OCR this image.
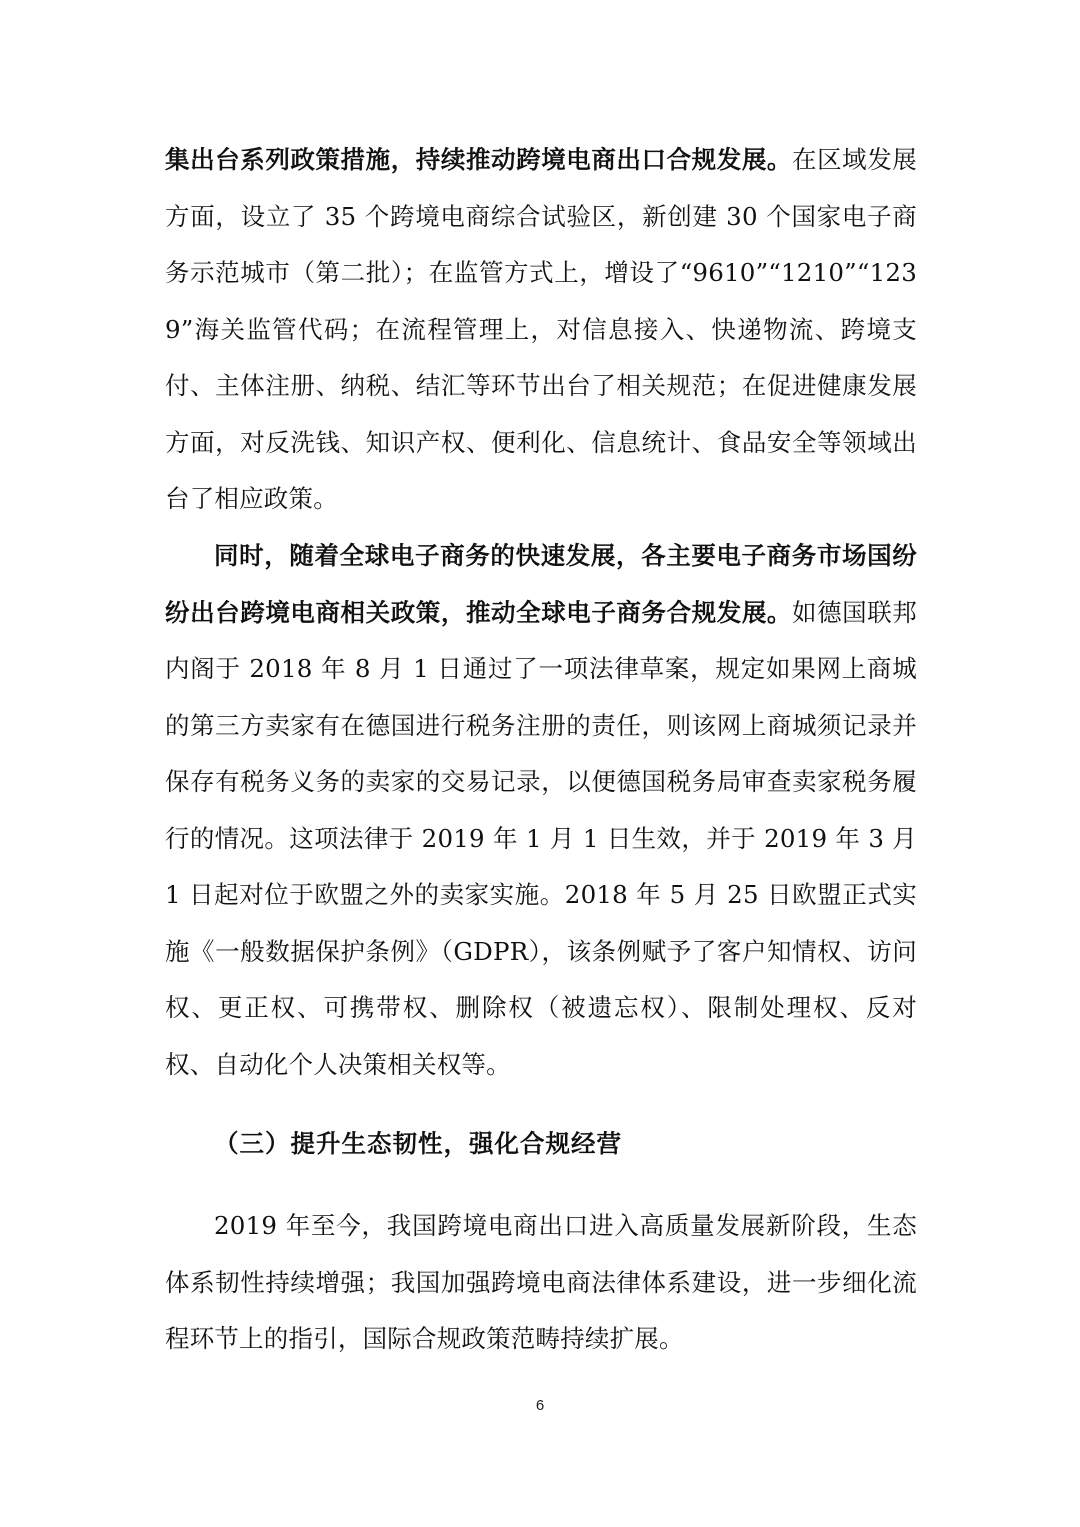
集出台系列政策措施，持续推动跨境电商出口合规发展。在区域发展方面，设立了 35 个跨境电商综合试验区，新创建 30 个国家电子商务示范城市（第二批）；在监管方式上，增设了“9610”“1210”“1239”海关监管代码；在流程管理上，对信息接入、快递物流、跨境支付、主体注册、纳税、结汇等环节出台了相关规范；在促进健康发展方面，对反洗钱、知识产权、便利化、信息统计、食品安全等领域出台了相应政策。

同时，随着全球电子商务的快速发展，各主要电子商务市场国纷纷出台跨境电商相关政策，推动全球电子商务合规发展。如德国联邦内阁于 2018 年 8 月 1 日通过了一项法律草案，规定如果网上商城的第三方卖家有在德国进行税务注册的责任，则该网上商城须记录并保存有税务义务的卖家的交易记录，以便德国税务局审查卖家税务履行的情况。这项法律于 2019 年 1 月 1 日生效，并于 2019 年 3 月 1 日起对位于欧盟之外的卖家实施。2018 年 5 月 25 日欧盟正式实施《一般数据保护条例》（GDPR），该条例赋予了客户知情权、访问权、更正权、可携带权、删除权（被遗忘权）、限制处理权、反对权、自动化个人决策相关权等。

（三）提升生态韧性，强化合规经营

2019 年至今，我国跨境电商出口进入高质量发展新阶段，生态体系韧性持续增强；我国加强跨境电商法律体系建设，进一步细化流程环节上的指引，国际合规政策范畴持续扩展。

6
